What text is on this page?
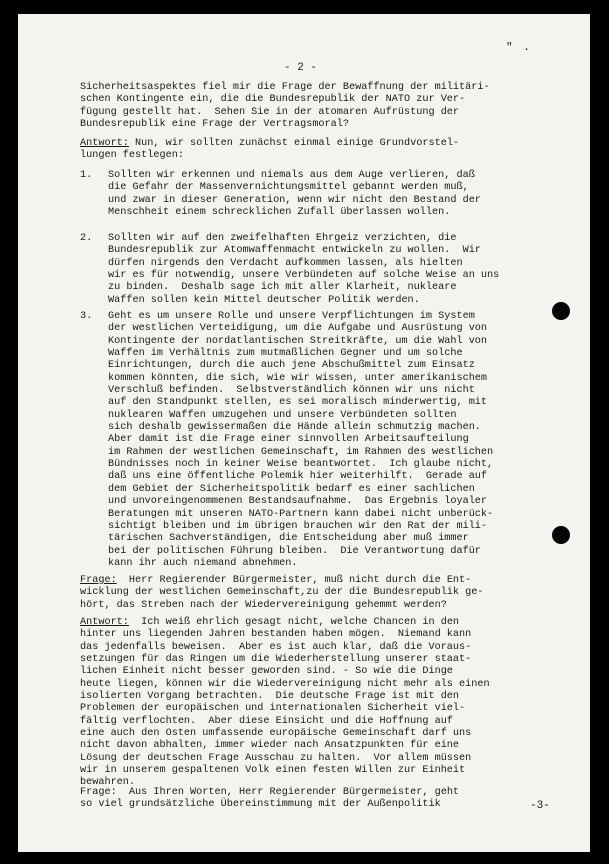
" .
- 2 -
Sicherheitsaspektes fiel mir die Frage der Bewaffnung der militäri-
schen Kontingente ein, die die Bundesrepublik der NATO zur Ver-
fügung gestellt hat.  Sehen Sie in der atomaren Aufrüstung der
Bundesrepublik eine Frage der Vertragsmoral?
Antwort: Nun, wir sollten zunächst einmal einige Grundvorstel-
lungen festlegen:
1. Sollten wir erkennen und niemals aus dem Auge verlieren, daß
die Gefahr der Massenvernichtungsmittel gebannt werden muß,
und zwar in dieser Generation, wenn wir nicht den Bestand der
Menschheit einem schrecklichen Zufall überlassen wollen.
2. Sollten wir auf den zweifelhaften Ehrgeiz verzichten, die
Bundesrepublik zur Atomwaffenmacht entwickeln zu wollen.  Wir
dürfen nirgends den Verdacht aufkommen lassen, als hielten
wir es für notwendig, unsere Verbündeten auf solche Weise an uns
zu binden.  Deshalb sage ich mit aller Klarheit, nukleare
Waffen sollen kein Mittel deutscher Politik werden.
3. Geht es um unsere Rolle und unsere Verpflichtungen im System
der westlichen Verteidigung, um die Aufgabe und Ausrüstung von
Kontingente der nordatlantischen Streitkräfte, um die Wahl von
Waffen im Verhältnis zum mutmaßlichen Gegner und um solche
Einrichtungen, durch die auch jene Abschußmittel zum Einsatz
kommen könnten, die sich, wie wir wissen, unter amerikanischem
Verschluß befinden.  Selbstverständlich können wir uns nicht
auf den Standpunkt stellen, es sei moralisch minderwertig, mit
nuklearen Waffen umzugehen und unsere Verbündeten sollten
sich deshalb gewissermaßen die Hände allein schmutzig machen.
Aber damit ist die Frage einer sinnvollen Arbeitsaufteilung
im Rahmen der westlichen Gemeinschaft, im Rahmen des westlichen
Bündnisses noch in keiner Weise beantwortet.  Ich glaube nicht,
daß uns eine öffentliche Polemik hier weiterhilft.  Gerade auf
dem Gebiet der Sicherheitspolitik bedarf es einer sachlichen
und unvoreingenommenen Bestandsaufnahme.  Das Ergebnis loyaler
Beratungen mit unseren NATO-Partnern kann dabei nicht unberück-
sichtigt bleiben und im übrigen brauchen wir den Rat der mili-
tärischen Sachverständigen, die Entscheidung aber muß immer
bei der politischen Führung bleiben.  Die Verantwortung dafür
kann ihr auch niemand abnehmen.
Frage:  Herr Regierender Bürgermeister, muß nicht durch die Ent-
wicklung der westlichen Gemeinschaft,zu der die Bundesrepublik ge-
hört, das Streben nach der Wiedervereinigung gehemmt werden?
Antwort:  Ich weiß ehrlich gesagt nicht, welche Chancen in den
hinter uns liegenden Jahren bestanden haben mögen.  Niemand kann
das jedenfalls beweisen.  Aber es ist auch klar, daß die Voraus-
setzungen für das Ringen um die Wiederherstellung unserer staat-
lichen Einheit nicht besser geworden sind. - So wie die Dinge
heute liegen, können wir die Wiedervereinigung nicht mehr als einen
isolierten Vorgang betrachten.  Die deutsche Frage ist mit den
Problemen der europäischen und internationalen Sicherheit viel-
fältig verflochten.  Aber diese Einsicht und die Hoffnung auf
eine auch den Osten umfassende europäische Gemeinschaft darf uns
nicht davon abhalten, immer wieder nach Ansatzpunkten für eine
Lösung der deutschen Frage Ausschau zu halten.  Vor allem müssen
wir in unserem gespaltenen Volk einen festen Willen zur Einheit
bewahren.
Frage:  Aus Ihren Worten, Herr Regierender Bürgermeister, geht
so viel grundsätzliche Übereinstimmung mit der Außenpolitik	-3-
